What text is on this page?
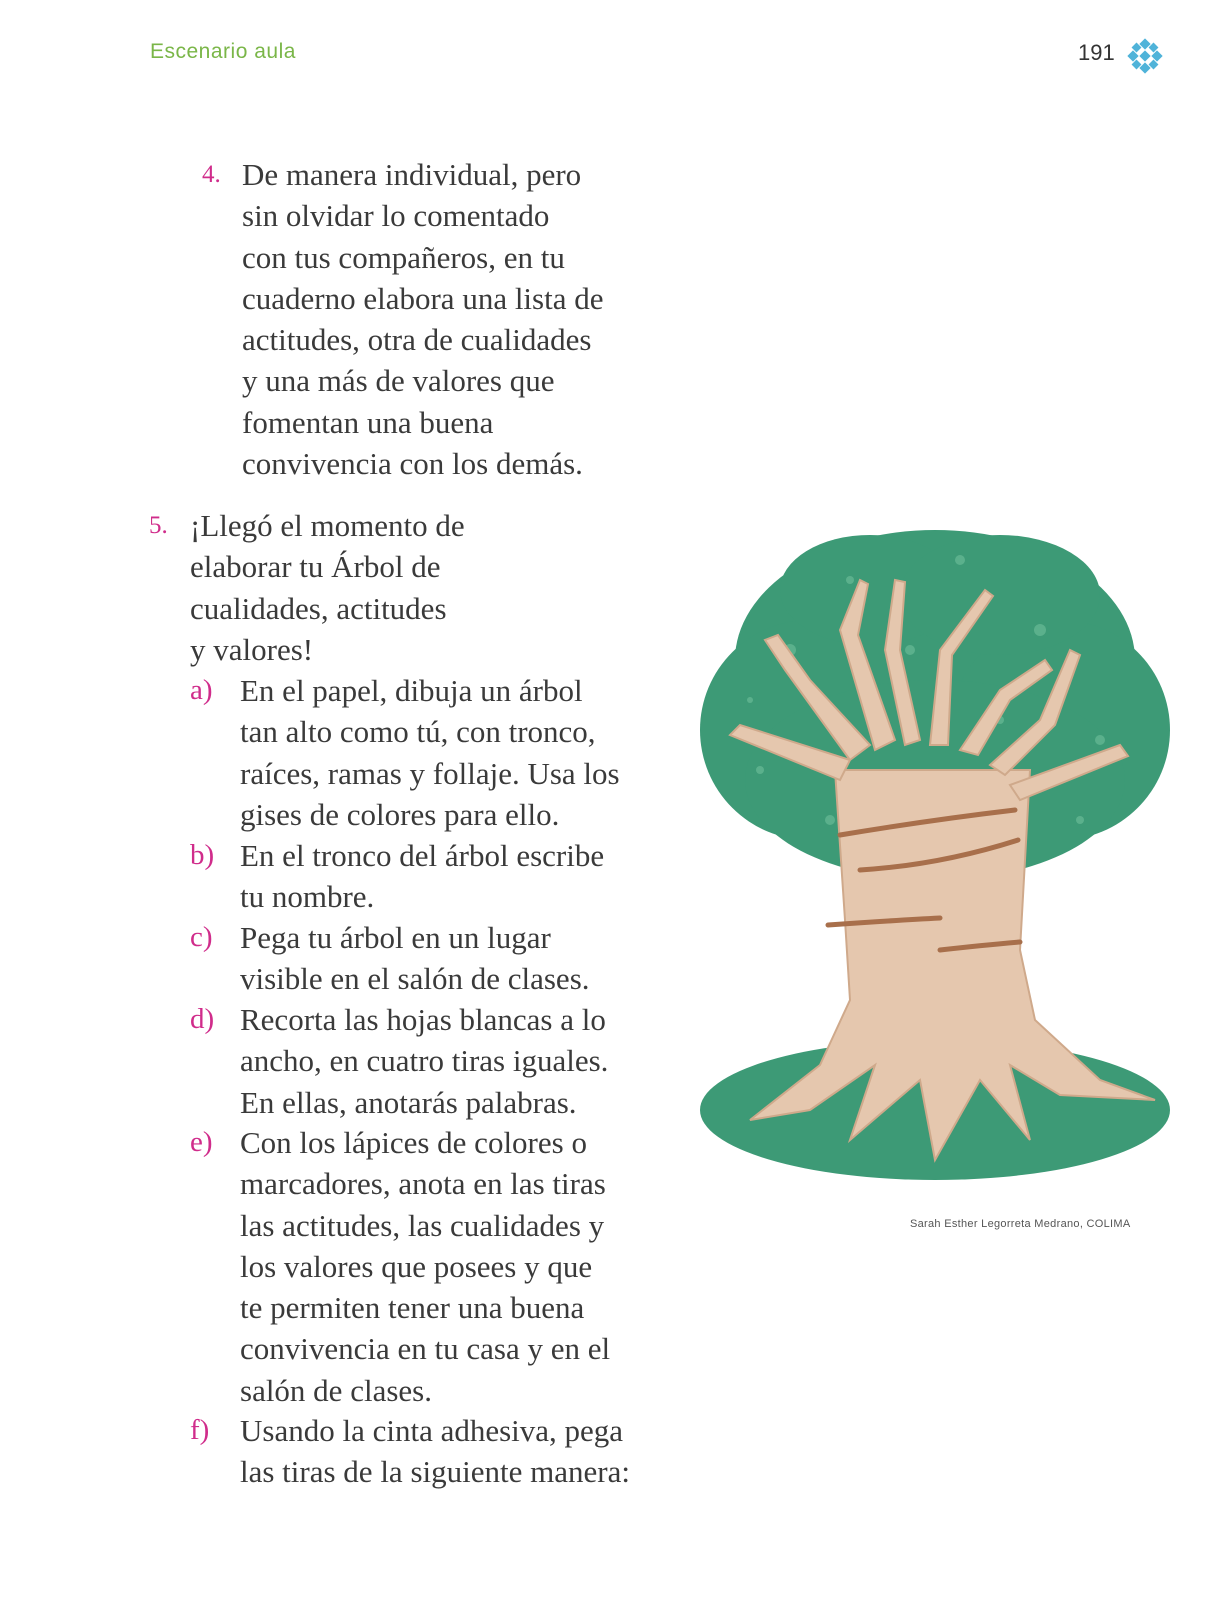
Escenario aula	191
4. De manera individual, pero
sin olvidar lo comentado
con tus compañeros, en tu
cuaderno elabora una lista de
actitudes, otra de cualidades
y una más de valores que
fomentan una buena
convivencia con los demás.
5. ¡Llegó el momento de
elaborar tu Árbol de
cualidades, actitudes
y valores!
a) En el papel, dibuja un árbol
tan alto como tú, con tronco,
raíces, ramas y follaje. Usa los
gises de colores para ello.
b) En el tronco del árbol escribe
tu nombre.
c) Pega tu árbol en un lugar
visible en el salón de clases.
d) Recorta las hojas blancas a lo
ancho, en cuatro tiras iguales.
En ellas, anotarás palabras.
e) Con los lápices de colores o
marcadores, anota en las tiras
las actitudes, las cualidades y
los valores que posees y que
te permiten tener una buena
convivencia en tu casa y en el
salón de clases.
f) Usando la cinta adhesiva, pega
las tiras de la siguiente manera:
Sarah Esther Legorreta Medrano, COLIMA
